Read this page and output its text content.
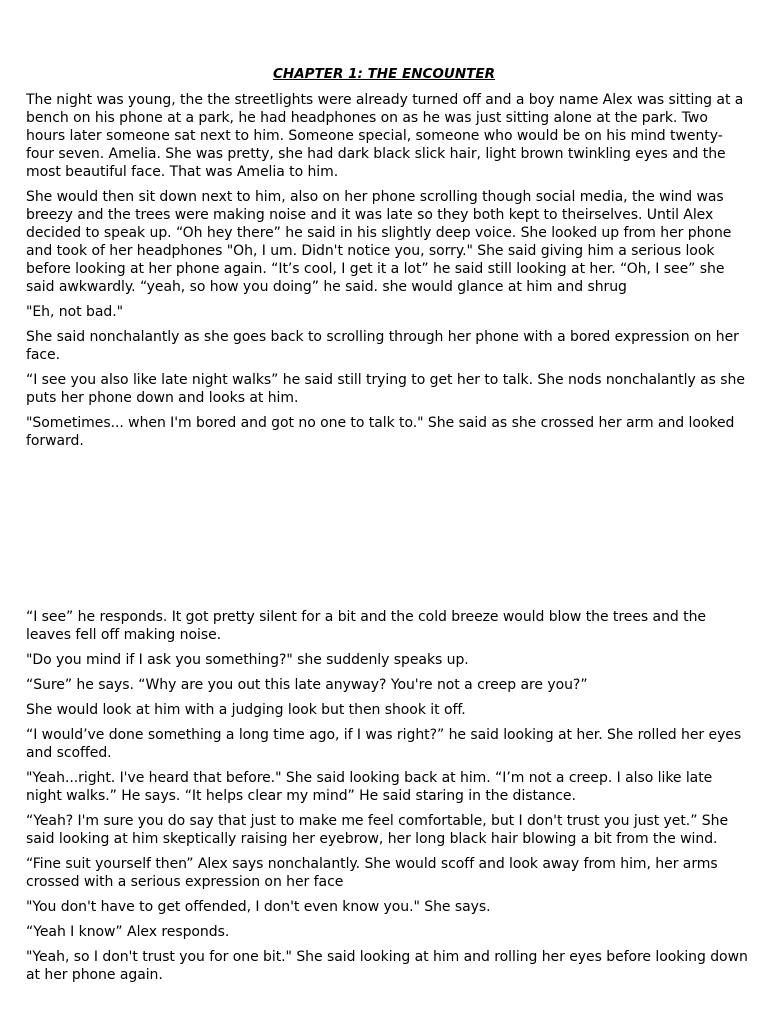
CHAPTER 1: THE ENCOUNTER

The night was young, the the streetlights were already turned off and a boy name Alex was sitting at a bench on his phone at a park, he had headphones on as he was just sitting alone at the park. Two hours later someone sat next to him. Someone special, someone who would be on his mind twenty-four seven. Amelia. She was pretty, she had dark black slick hair, light brown twinkling eyes and the most beautiful face. That was Amelia to him.

She would then sit down next to him, also on her phone scrolling though social media, the wind was breezy and the trees were making noise and it was late so they both kept to theirselves. Until Alex decided to speak up. “Oh hey there” he said in his slightly deep voice. She looked up from her phone and took of her headphones "Oh, I um. Didn't notice you, sorry." She said giving him a serious look before looking at her phone again. “It’s cool, I get it a lot” he said still looking at her. “Oh, I see” she said awkwardly. “yeah, so how you doing” he said. she would glance at him and shrug

"Eh, not bad."

She said nonchalantly as she goes back to scrolling through her phone with a bored expression on her face.

“I see you also like late night walks” he said still trying to get her to talk. She nods nonchalantly as she puts her phone down and looks at him.

"Sometimes... when I'm bored and got no one to talk to." She said as she crossed her arm and looked forward.

“I see” he responds. It got pretty silent for a bit and the cold breeze would blow the trees and the leaves fell off making noise.

"Do you mind if I ask you something?" she suddenly speaks up.

“Sure” he says. “Why are you out this late anyway? You're not a creep are you?”

She would look at him with a judging look but then shook it off.

“I would’ve done something a long time ago, if I was right?” he said looking at her. She rolled her eyes and scoffed.

"Yeah...right. I've heard that before." She said looking back at him. “I’m not a creep. I also like late night walks.” He says. “It helps clear my mind” He said staring in the distance.

“Yeah? I'm sure you do say that just to make me feel comfortable, but I don't trust you just yet.” She said looking at him skeptically raising her eyebrow, her long black hair blowing a bit from the wind.

“Fine suit yourself then” Alex says nonchalantly. She would scoff and look away from him, her arms crossed with a serious expression on her face

"You don't have to get offended, I don't even know you." She says.

“Yeah I know” Alex responds.

"Yeah, so I don't trust you for one bit." She said looking at him and rolling her eyes before looking down at her phone again.
